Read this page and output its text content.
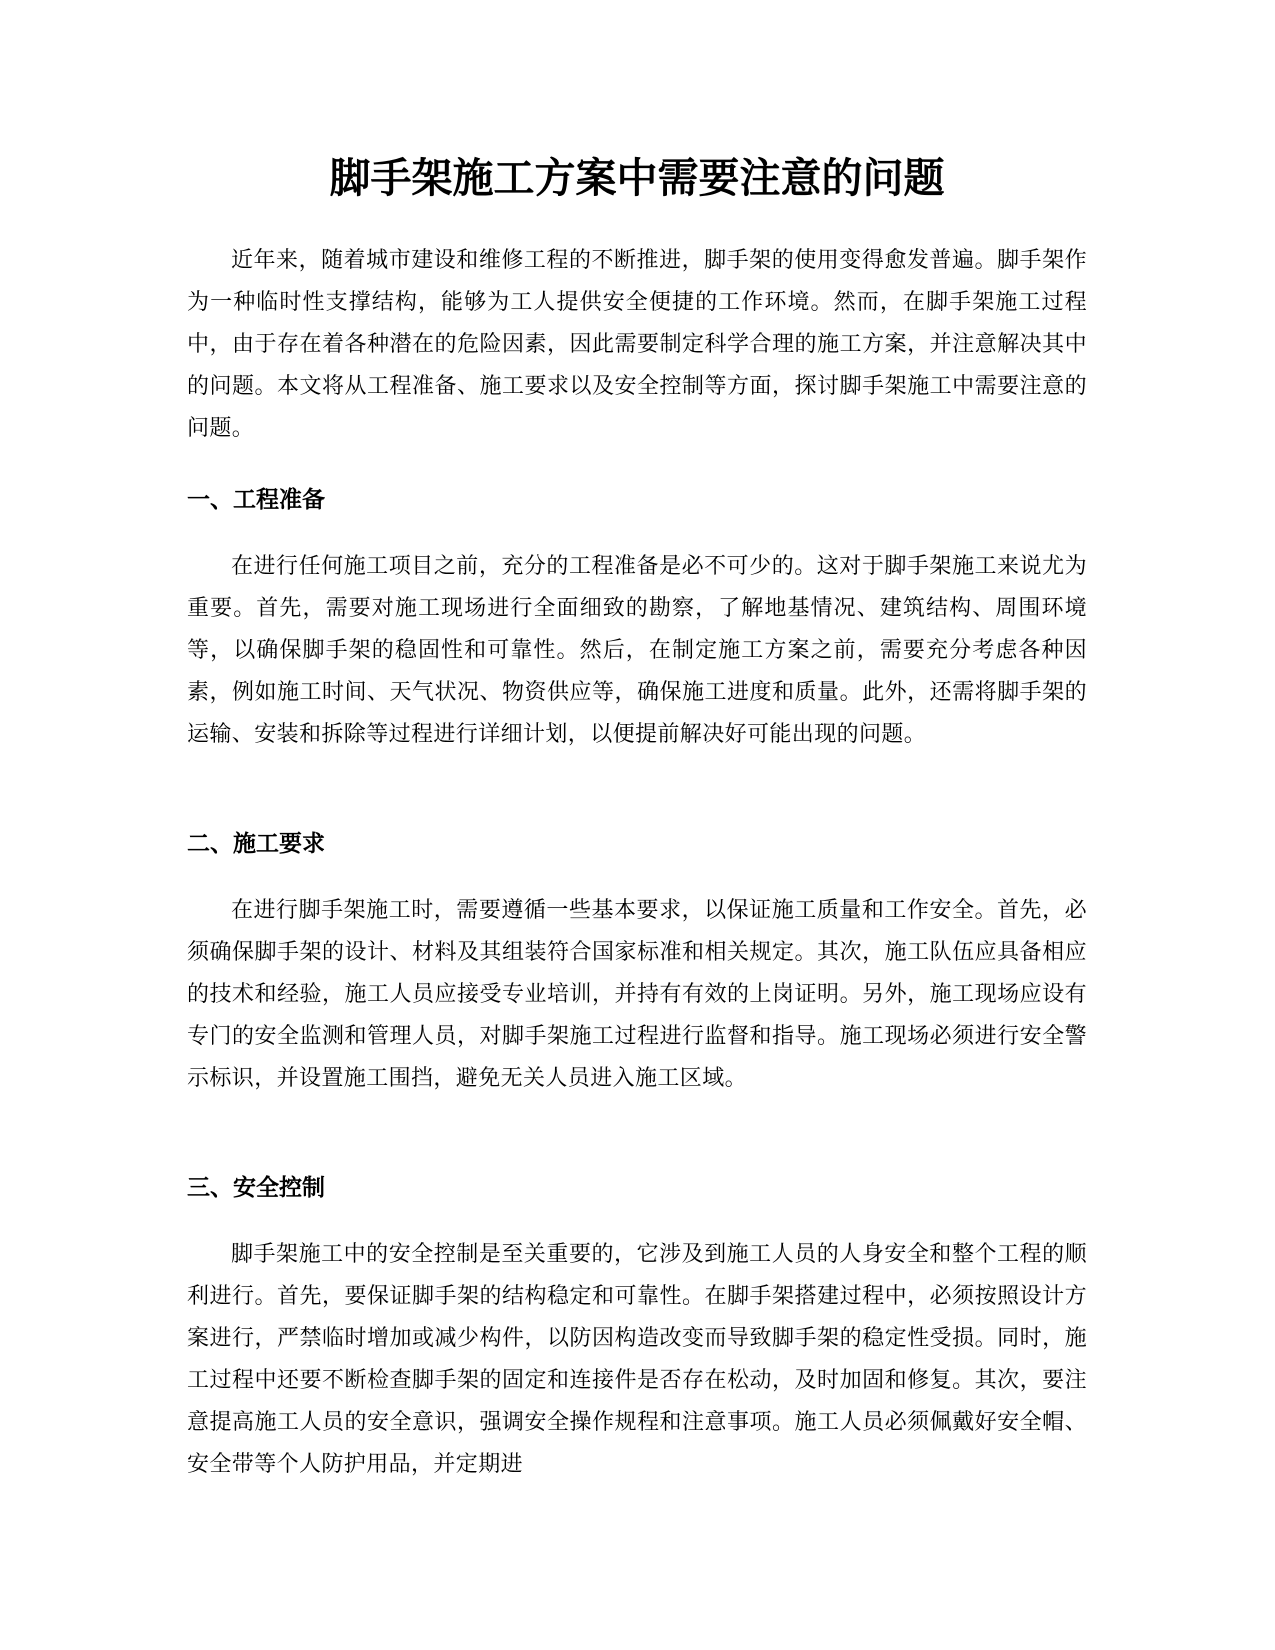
脚手架施工方案中需要注意的问题

近年来，随着城市建设和维修工程的不断推进，脚手架的使用变得愈发普遍。脚手架作为一种临时性支撑结构，能够为工人提供安全便捷的工作环境。然而，在脚手架施工过程中，由于存在着各种潜在的危险因素，因此需要制定科学合理的施工方案，并注意解决其中的问题。本文将从工程准备、施工要求以及安全控制等方面，探讨脚手架施工中需要注意的问题。

一、工程准备

在进行任何施工项目之前，充分的工程准备是必不可少的。这对于脚手架施工来说尤为重要。首先，需要对施工现场进行全面细致的勘察，了解地基情况、建筑结构、周围环境等，以确保脚手架的稳固性和可靠性。然后，在制定施工方案之前，需要充分考虑各种因素，例如施工时间、天气状况、物资供应等，确保施工进度和质量。此外，还需将脚手架的运输、安装和拆除等过程进行详细计划，以便提前解决好可能出现的问题。

二、施工要求

在进行脚手架施工时，需要遵循一些基本要求，以保证施工质量和工作安全。首先，必须确保脚手架的设计、材料及其组装符合国家标准和相关规定。其次，施工队伍应具备相应的技术和经验，施工人员应接受专业培训，并持有有效的上岗证明。另外，施工现场应设有专门的安全监测和管理人员，对脚手架施工过程进行监督和指导。施工现场必须进行安全警示标识，并设置施工围挡，避免无关人员进入施工区域。

三、安全控制

脚手架施工中的安全控制是至关重要的，它涉及到施工人员的人身安全和整个工程的顺利进行。首先，要保证脚手架的结构稳定和可靠性。在脚手架搭建过程中，必须按照设计方案进行，严禁临时增加或减少构件，以防因构造改变而导致脚手架的稳定性受损。同时，施工过程中还要不断检查脚手架的固定和连接件是否存在松动，及时加固和修复。其次，要注意提高施工人员的安全意识，强调安全操作规程和注意事项。施工人员必须佩戴好安全帽、安全带等个人防护用品，并定期进
